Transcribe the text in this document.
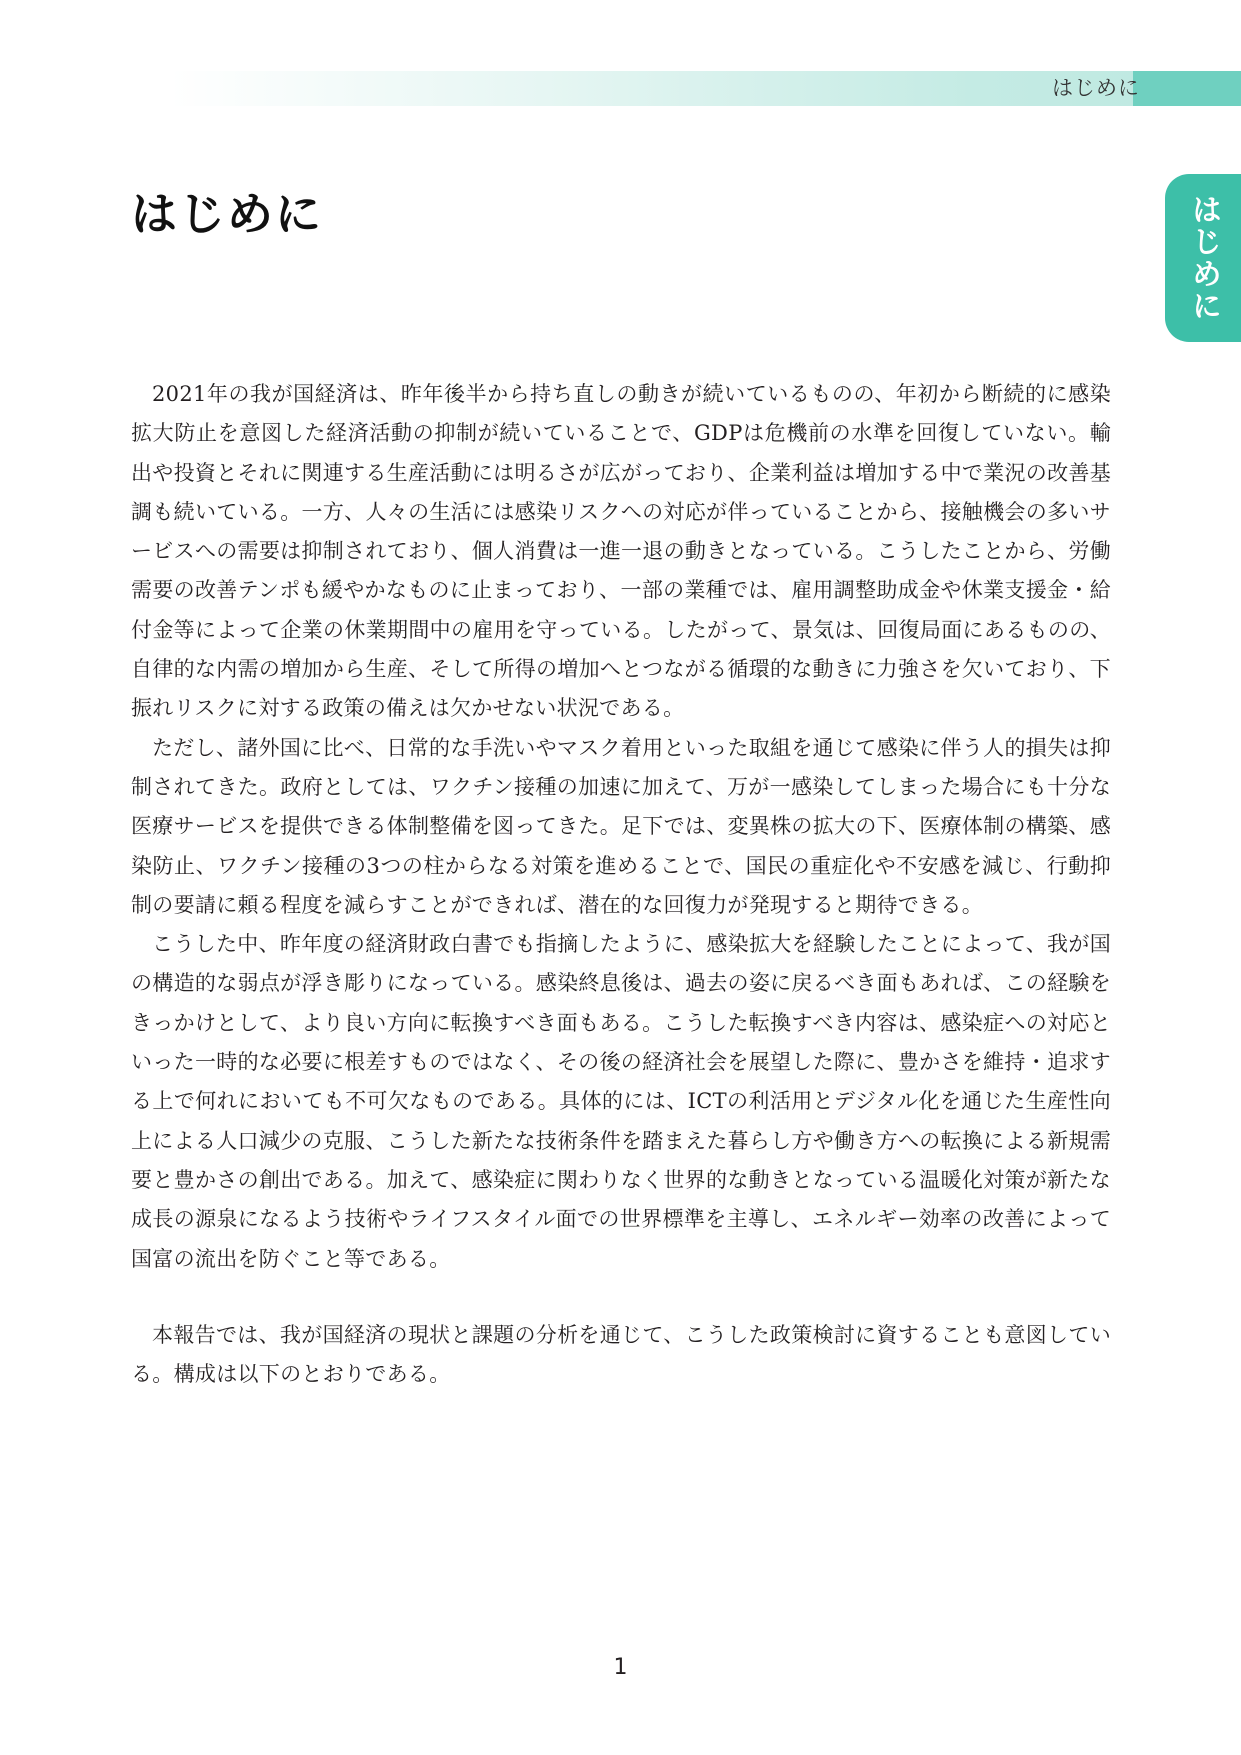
はじめに
はじめに	はじめに

2021年の我が国経済は、昨年後半から持ち直しの動きが続いているものの、年初から断続的に感染拡大防止を意図した経済活動の抑制が続いていることで、GDPは危機前の水準を回復していない。輸出や投資とそれに関連する生産活動には明るさが広がっており、企業利益は増加する中で業況の改善基調も続いている。一方、人々の生活には感染リスクへの対応が伴っていることから、接触機会の多いサービスへの需要は抑制されており、個人消費は一進一退の動きとなっている。こうしたことから、労働需要の改善テンポも緩やかなものに止まっており、一部の業種では、雇用調整助成金や休業支援金・給付金等によって企業の休業期間中の雇用を守っている。したがって、景気は、回復局面にあるものの、自律的な内需の増加から生産、そして所得の増加へとつながる循環的な動きに力強さを欠いており、下振れリスクに対する政策の備えは欠かせない状況である。

ただし、諸外国に比べ、日常的な手洗いやマスク着用といった取組を通じて感染に伴う人的損失は抑制されてきた。政府としては、ワクチン接種の加速に加えて、万が一感染してしまった場合にも十分な医療サービスを提供できる体制整備を図ってきた。足下では、変異株の拡大の下、医療体制の構築、感染防止、ワクチン接種の3つの柱からなる対策を進めることで、国民の重症化や不安感を減じ、行動抑制の要請に頼る程度を減らすことができれば、潜在的な回復力が発現すると期待できる。

こうした中、昨年度の経済財政白書でも指摘したように、感染拡大を経験したことによって、我が国の構造的な弱点が浮き彫りになっている。感染終息後は、過去の姿に戻るべき面もあれば、この経験をきっかけとして、より良い方向に転換すべき面もある。こうした転換すべき内容は、感染症への対応といった一時的な必要に根差すものではなく、その後の経済社会を展望した際に、豊かさを維持・追求する上で何れにおいても不可欠なものである。具体的には、ICTの利活用とデジタル化を通じた生産性向上による人口減少の克服、こうした新たな技術条件を踏まえた暮らし方や働き方への転換による新規需要と豊かさの創出である。加えて、感染症に関わりなく世界的な動きとなっている温暖化対策が新たな成長の源泉になるよう技術やライフスタイル面での世界標準を主導し、エネルギー効率の改善によって国富の流出を防ぐこと等である。

本報告では、我が国経済の現状と課題の分析を通じて、こうした政策検討に資することも意図している。構成は以下のとおりである。

1
